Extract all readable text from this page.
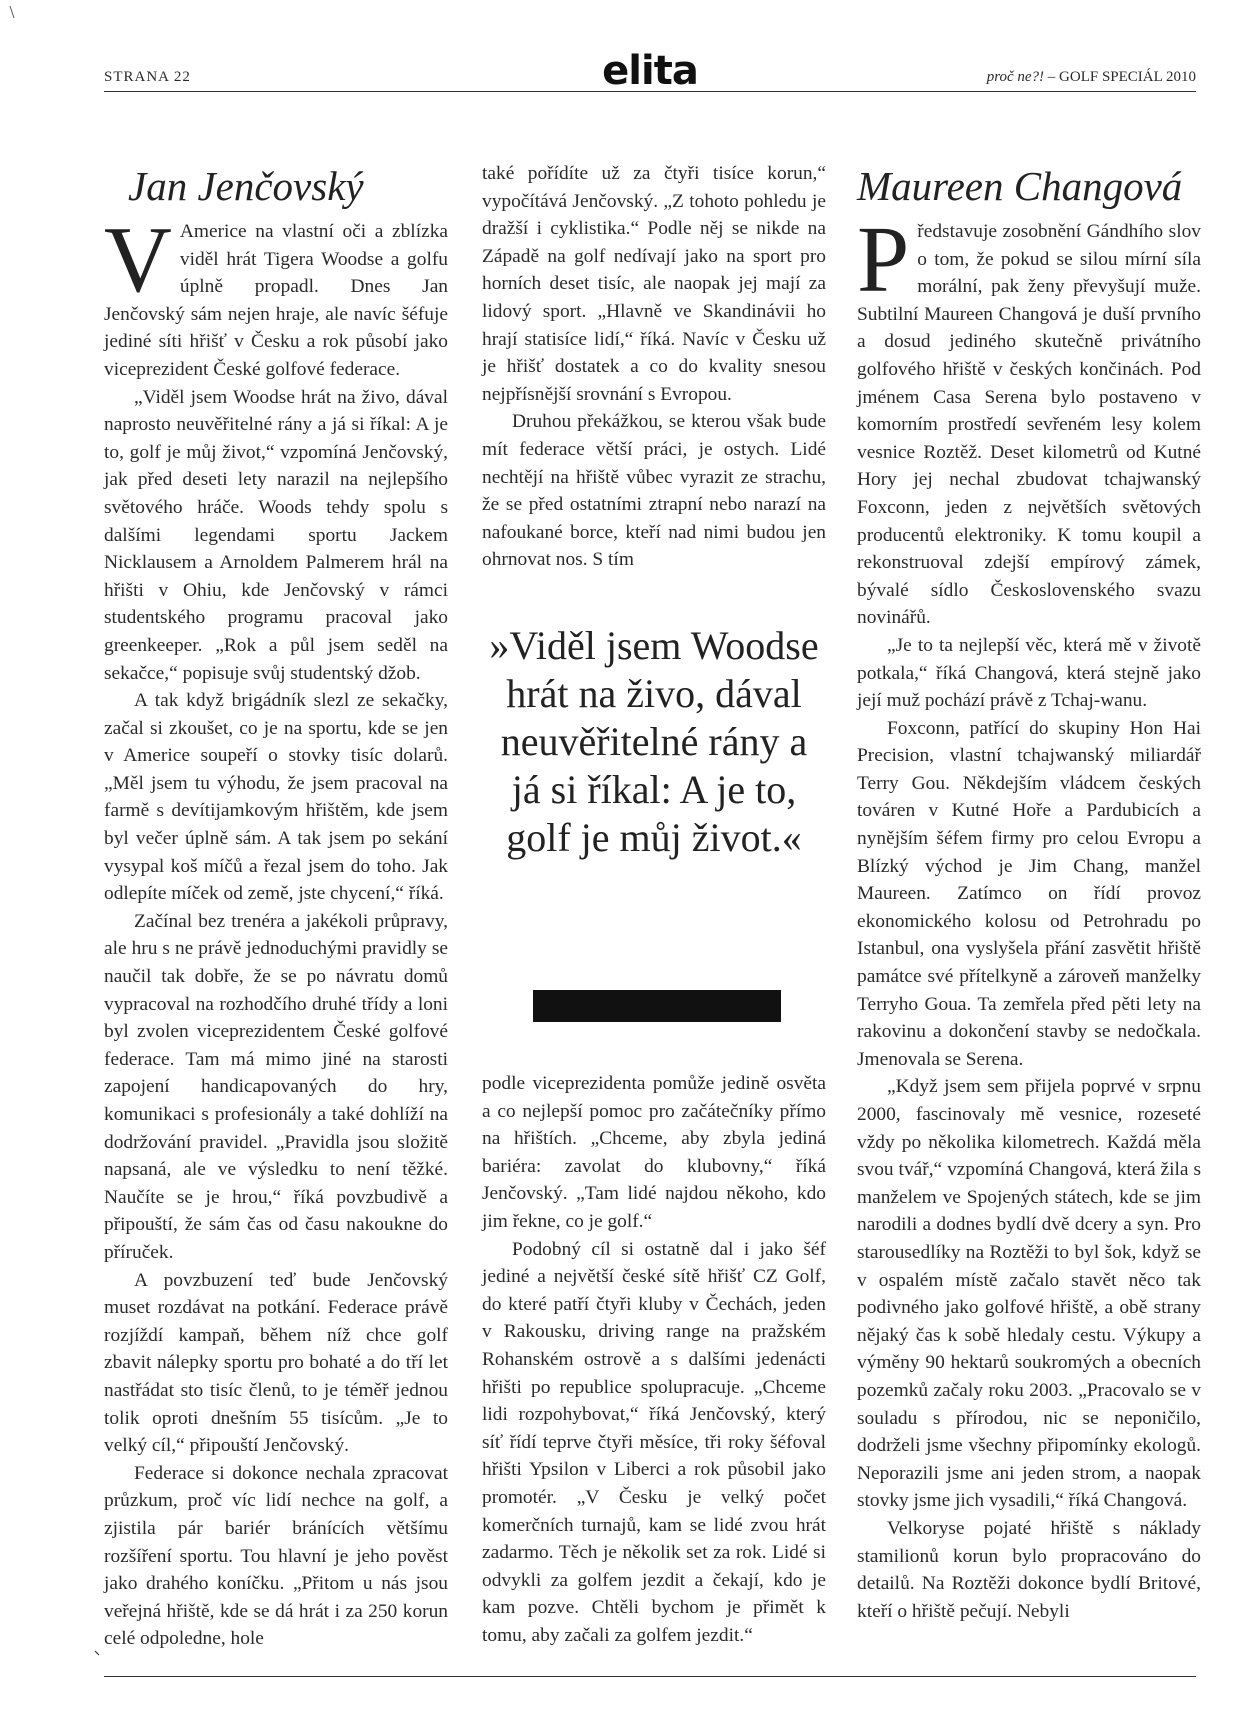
STRANA 22	elita	proč ne?! – GOLF SPECIÁL 2010
Jan Jenčovský

V Americe na vlastní oči a zblízka viděl hrát Tigera Woodse a golfu úplně propadl. Dnes Jan Jenčovský sám nejen hraje, ale navíc šéfuje jediné síti hřišť v Česku a rok působí jako viceprezident České golfové federace.

„Viděl jsem Woodse hrát na živo, dával naprosto neuvěřitelné rány a já si říkal: A je to, golf je můj život,“ vzpomíná Jenčovský, jak před deseti lety narazil na nejlepšího světového hráče. Woods tehdy spolu s dalšími legendami sportu Jackem Nicklausem a Arnoldem Palmerem hrál na hřišti v Ohiu, kde Jenčovský v rámci studentského programu pracoval jako greenkeeper. „Rok a půl jsem seděl na sekačce,“ popisuje svůj studentský džob.

A tak když brigádník slezl ze sekačky, začal si zkoušet, co je na sportu, kde se jen v Americe soupeří o stovky tisíc dolarů. „Měl jsem tu výhodu, že jsem pracoval na farmě s devítijamkovým hřištěm, kde jsem byl večer úplně sám. A tak jsem po sekání vysypal koš míčů a řezal jsem do toho. Jak odlepíte míček od země, jste chycení,“ říká.

Začínal bez trenéra a jakékoli průpravy, ale hru s ne právě jednoduchými pravidly se naučil tak dobře, že se po návratu domů vypracoval na rozhodčího druhé třídy a loni byl zvolen viceprezidentem České golfové federace. Tam má mimo jiné na starosti zapojení handicapovaných do hry, komunikaci s profesionály a také dohlíží na dodržování pravidel. „Pravidla jsou složitě napsaná, ale ve výsledku to není těžké. Naučíte se je hrou,“ říká povzbudivě a připouští, že sám čas od času nakoukne do příruček.

A povzbuzení teď bude Jenčovský muset rozdávat na potkání. Federace právě rozjíždí kampaň, během níž chce golf zbavit nálepky sportu pro bohaté a do tří let nastřádat sto tisíc členů, to je téměř jednou tolik oproti dnešním 55 tisícům. „Je to velký cíl,“ připouští Jenčovský.

Federace si dokonce nechala zpracovat průzkum, proč víc lidí nechce na golf, a zjistila pár bariér bránících většímu rozšíření sportu. Tou hlavní je jeho pověst jako drahého koníčku. „Přitom u nás jsou veřejná hřiště, kde se dá hrát i za 250 korun celé odpoledne, hole

také pořídíte už za čtyři tisíce korun,“ vypočítává Jenčovský. „Z tohoto pohledu je dražší i cyklistika.“ Podle něj se nikde na Západě na golf nedívají jako na sport pro horních deset tisíc, ale naopak jej mají za lidový sport. „Hlavně ve Skandinávii ho hrají statisíce lidí,“ říká. Navíc v Česku už je hřišť dostatek a co do kvality snesou nejpřísnější srovnání s Evropou.

Druhou překážkou, se kterou však bude mít federace větší práci, je ostych. Lidé nechtějí na hřiště vůbec vyrazit ze strachu, že se před ostatními ztrapní nebo narazí na nafoukané borce, kteří nad nimi budou jen ohrnovat nos. S tím

»Viděl jsem Woodse hrát na živo, dával neuvěřitelné rány a já si říkal: A je to, golf je můj život.«

podle viceprezidenta pomůže jedině osvěta a co nejlepší pomoc pro začátečníky přímo na hřištích. „Chceme, aby zbyla jediná bariéra: zavolat do klubovny,“ říká Jenčovský. „Tam lidé najdou někoho, kdo jim řekne, co je golf.“

Podobný cíl si ostatně dal i jako šéf jediné a největší české sítě hřišť CZ Golf, do které patří čtyři kluby v Čechách, jeden v Rakousku, driving range na pražském Rohanském ostrově a s dalšími jedenácti hřišti po republice spolupracuje. „Chceme lidi rozpohybovat,“ říká Jenčovský, který síť řídí teprve čtyři měsíce, tři roky šéfoval hřišti Ypsilon v Liberci a rok působil jako promotér. „V Česku je velký počet komerčních turnajů, kam se lidé zvou hrát zadarmo. Těch je několik set za rok. Lidé si odvykli za golfem jezdit a čekají, kdo je kam pozve. Chtěli bychom je přimět k tomu, aby začali za golfem jezdit.“

Maureen Changová

Představuje zosobnění Gándhího slov o tom, že pokud se silou mírní síla morální, pak ženy převyšují muže. Subtilní Maureen Changová je duší prvního a dosud jediného skutečně privátního golfového hřiště v českých končinách. Pod jménem Casa Serena bylo postaveno v komorním prostředí sevřeném lesy kolem vesnice Roztěž. Deset kilometrů od Kutné Hory jej nechal zbudovat tchajwanský Foxconn, jeden z největších světových producentů elektroniky. K tomu koupil a rekonstruoval zdejší empírový zámek, bývalé sídlo Československého svazu novinářů.

„Je to ta nejlepší věc, která mě v životě potkala,“ říká Changová, která stejně jako její muž pochází právě z Tchaj-wanu.

Foxconn, patřící do skupiny Hon Hai Precision, vlastní tchajwanský miliardář Terry Gou. Někdejším vládcem českých továren v Kutné Hoře a Pardubicích a nynějším šéfem firmy pro celou Evropu a Blízký východ je Jim Chang, manžel Maureen. Zatímco on řídí provoz ekonomického kolosu od Petrohradu po Istanbul, ona vyslyšela přání zasvětit hřiště památce své přítelkyně a zároveň manželky Terryho Goua. Ta zemřela před pěti lety na rakovinu a dokončení stavby se nedočkala. Jmenovala se Serena.

„Když jsem sem přijela poprvé v srpnu 2000, fascinovaly mě vesnice, rozeseté vždy po několika kilometrech. Každá měla svou tvář,“ vzpomíná Changová, která žila s manželem ve Spojených státech, kde se jim narodili a dodnes bydlí dvě dcery a syn. Pro starousedlíky na Roztěži to byl šok, když se v ospalém místě začalo stavět něco tak podivného jako golfové hřiště, a obě strany nějaký čas k sobě hledaly cestu. Výkupy a výměny 90 hektarů soukromých a obecních pozemků začaly roku 2003. „Pracovalo se v souladu s přírodou, nic se neponičilo, dodrželi jsme všechny připomínky ekologů. Neporazili jsme ani jeden strom, a naopak stovky jsme jich vysadili,“ říká Changová.

Velkoryse pojaté hřiště s náklady stamilionů korun bylo propracováno do detailů. Na Roztěži dokonce bydlí Britové, kteří o hřiště pečují. Nebyli
